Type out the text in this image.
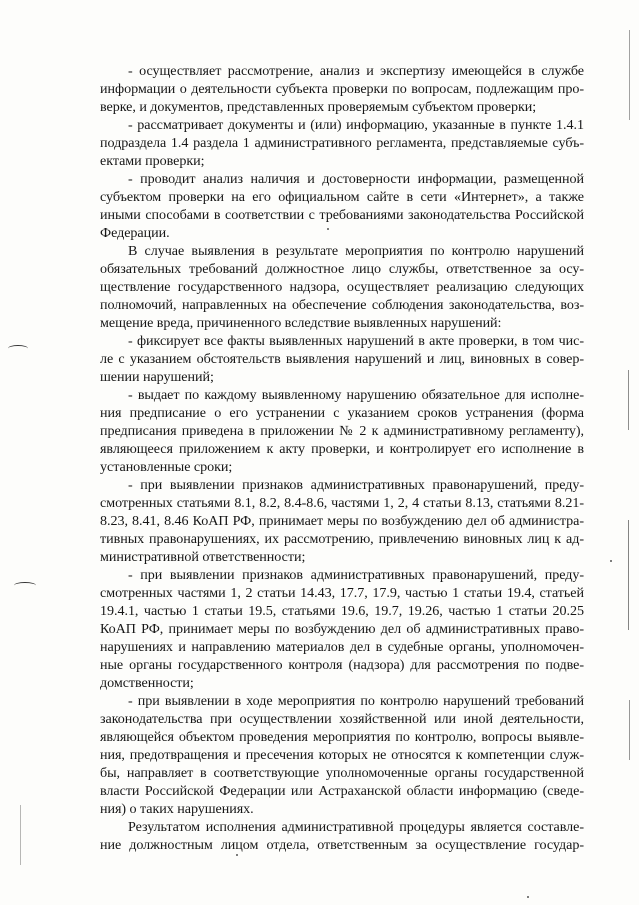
- осуществляет рассмотрение, анализ и экспертизу имеющейся в службе
информации о деятельности субъекта проверки по вопросам, подлежащим про-
верке, и документов, представленных проверяемым субъектом проверки;
- рассматривает документы и (или) информацию, указанные в пункте 1.4.1
подраздела 1.4 раздела 1 административного регламента, представляемые субъ-
ектами проверки;
- проводит анализ наличия и достоверности информации, размещенной
субъектом проверки на его официальном сайте в сети «Интернет», а также
иными способами в соответствии с требованиями законодательства Российской
Федерации.
В случае выявления в результате мероприятия по контролю нарушений
обязательных требований должностное лицо службы, ответственное за осу-
ществление государственного надзора, осуществляет реализацию следующих
полномочий, направленных на обеспечение соблюдения законодательства, воз-
мещение вреда, причиненного вследствие выявленных нарушений:
- фиксирует все факты выявленных нарушений в акте проверки, в том чис-
ле с указанием обстоятельств выявления нарушений и лиц, виновных в совер-
шении нарушений;
- выдает по каждому выявленному нарушению обязательное для исполне-
ния предписание о его устранении с указанием сроков устранения (форма
предписания приведена в приложении № 2 к административному регламенту),
являющееся приложением к акту проверки, и контролирует его исполнение в
установленные сроки;
- при выявлении признаков административных правонарушений, преду-
смотренных статьями 8.1, 8.2, 8.4-8.6, частями 1, 2, 4 статьи 8.13, статьями 8.21-
8.23, 8.41, 8.46 КоАП РФ, принимает меры по возбуждению дел об администра-
тивных правонарушениях, их рассмотрению, привлечению виновных лиц к ад-
министративной ответственности;
- при выявлении признаков административных правонарушений, преду-
смотренных частями 1, 2 статьи 14.43, 17.7, 17.9, частью 1 статьи 19.4, статьей
19.4.1, частью 1 статьи 19.5, статьями 19.6, 19.7, 19.26, частью 1 статьи 20.25
КоАП РФ, принимает меры по возбуждению дел об административных право-
нарушениях и направлению материалов дел в судебные органы, уполномочен-
ные органы государственного контроля (надзора) для рассмотрения по подве-
домственности;
- при выявлении в ходе мероприятия по контролю нарушений требований
законодательства при осуществлении хозяйственной или иной деятельности,
являющейся объектом проведения мероприятия по контролю, вопросы выявле-
ния, предотвращения и пресечения которых не относятся к компетенции служ-
бы, направляет в соответствующие уполномоченные органы государственной
власти Российской Федерации или Астраханской области информацию (сведе-
ния) о таких нарушениях.
Результатом исполнения административной процедуры является составле-
ние должностным лицом отдела, ответственным за осуществление государ-
